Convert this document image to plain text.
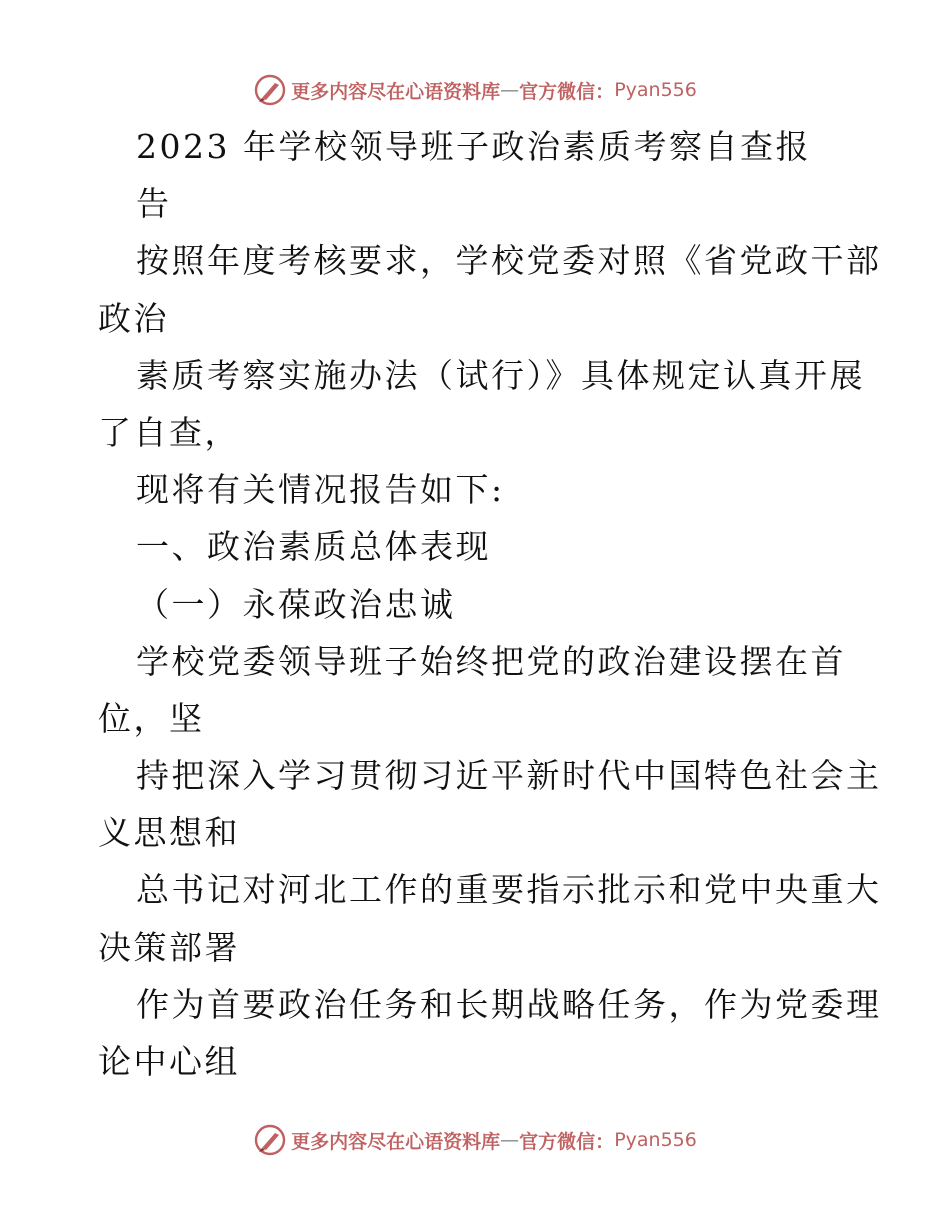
更多内容尽在心语资料库 — 官方微信： Pyan556
2023 年学校领导班子政治素质考察自查报
告
按照年度考核要求，学校党委对照《省党政干部
政治
素质考察实施办法（试行）》具体规定认真开展
了自查，
现将有关情况报告如下:
一、政治素质总体表现
（一）永葆政治忠诚
学校党委领导班子始终把党的政治建设摆在首
位，坚
持把深入学习贯彻习近平新时代中国特色社会主
义思想和
总书记对河北工作的重要指示批示和党中央重大
决策部署
作为首要政治任务和长期战略任务，作为党委理
论中心组
更多内容尽在心语资料库 — 官方微信： Pyan556
